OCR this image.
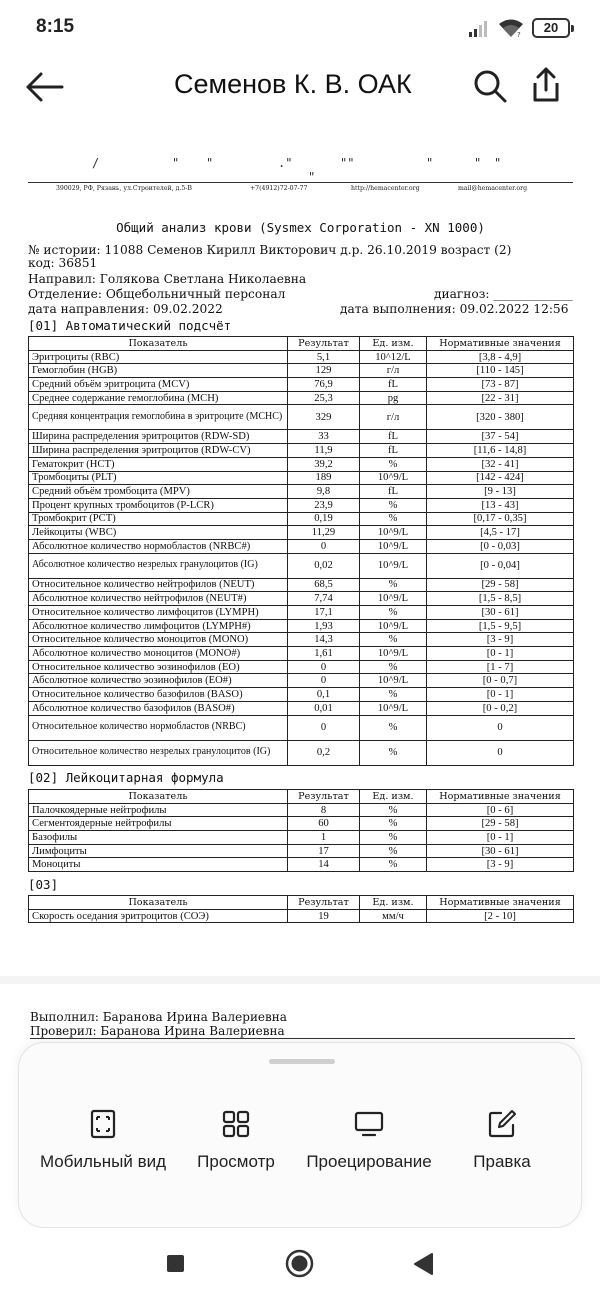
8:15	?	20
Семенов К. В. ОАК
/	" "	."	""	"	" "
"
390029, РФ, Рязань, ул.Строителей, д.5-В	+7(4912)72-07-77	http://hemacenter.org	mail@hemacenter.org
Общий анализ крови (Sysmex Corporation - XN 1000)
№ истории: 11088 Семенов Кирилл Викторович д.р. 26.10.2019 возраст (2)
код: 36851
Направил: Голякова Светлана Николаевна
Отделение: Общебольничный персонал	диагноз: _____________
дата направления: 09.02.2022	дата выполнения: 09.02.2022 12:56
[01] Автоматический подсчёт
Показатель	Результат	Ед. изм.	Нормативные значения
Эритроциты (RBC)	5,1	10^12/L	[3,8 - 4,9]
Гемоглобин (HGB)	129	г/л	[110 - 145]
Средний объём эритроцита (MCV)	76,9	fL	[73 - 87]
Среднее содержание гемоглобина (MCH)	25,3	pg	[22 - 31]
Средняя концентрация гемоглобина в эритроците (MCHC)	329	г/л	[320 - 380]
Ширина распределения эритроцитов (RDW-SD)	33	fL	[37 - 54]
Ширина распределения эритроцитов (RDW-CV)	11,9	fL	[11,6 - 14,8]
Гематокрит (HCT)	39,2	%	[32 - 41]
Тромбоциты (PLT)	189	10^9/L	[142 - 424]
Средний объём тромбоцита (MPV)	9,8	fL	[9 - 13]
Процент крупных тромбоцитов (P-LCR)	23,9	%	[13 - 43]
Тромбокрит (PCT)	0,19	%	[0,17 - 0,35]
Лейкоциты (WBC)	11,29	10^9/L	[4,5 - 17]
Абсолютное количество нормобластов (NRBC#)	0	10^9/L	[0 - 0,03]
Абсолютное количество незрелых гранулоцитов (IG)	0,02	10^9/L	[0 - 0,04]
Относительное количество нейтрофилов (NEUT)	68,5	%	[29 - 58]
Абсолютное количество нейтрофилов (NEUT#)	7,74	10^9/L	[1,5 - 8,5]
Относительное количество лимфоцитов (LYMPH)	17,1	%	[30 - 61]
Абсолютное количество лимфоцитов (LYMPH#)	1,93	10^9/L	[1,5 - 9,5]
Относительное количество моноцитов (MONO)	14,3	%	[3 - 9]
Абсолютное количество моноцитов (MONO#)	1,61	10^9/L	[0 - 1]
Относительное количество эозинофилов (EO)	0	%	[1 - 7]
Абсолютное количество эозинофилов (EO#)	0	10^9/L	[0 - 0,7]
Относительное количество базофилов (BASO)	0,1	%	[0 - 1]
Абсолютное количество базофилов (BASO#)	0,01	10^9/L	[0 - 0,2]
Относительное количество нормобластов (NRBC)	0	%	0
Относительное количество незрелых гранулоцитов (IG)	0,2	%	0
[02] Лейкоцитарная формула
Показатель	Результат	Ед. изм.	Нормативные значения
Палочкоядерные нейтрофилы	8	%	[0 - 6]
Сегментоядерные нейтрофилы	60	%	[29 - 58]
Базофилы	1	%	[0 - 1]
Лимфоциты	17	%	[30 - 61]
Моноциты	14	%	[3 - 9]
[03]
Показатель	Результат	Ед. изм.	Нормативные значения
Скорость оседания эритроцитов (СОЭ)	19	мм/ч	[2 - 10]
Выполнил: Баранова Ирина Валериевна
Проверил: Баранова Ирина Валериевна
Мобильный вид	Просмотр	Проецирование	Правка
